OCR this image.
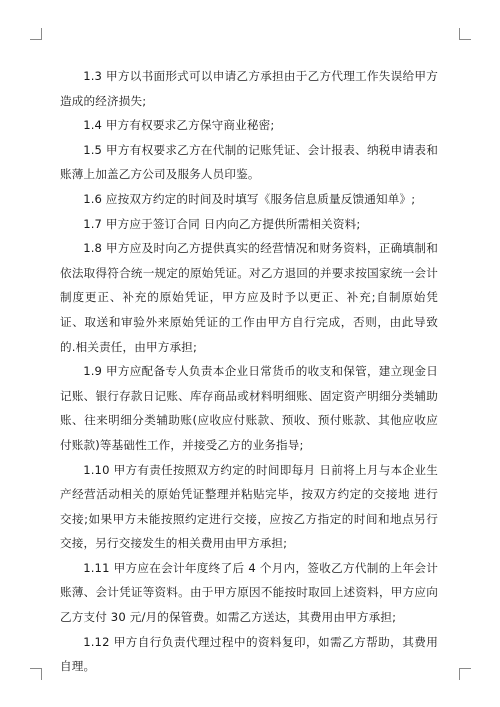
1.3 甲方以书面形式可以申请乙方承担由于乙方代理工作失误给甲方造成的经济损失;

1.4 甲方有权要求乙方保守商业秘密;

1.5 甲方有权要求乙方在代制的记账凭证、会计报表、纳税申请表和账薄上加盖乙方公司及服务人员印鉴。

1.6 应按双方约定的时间及时填写《服务信息质量反馈通知单》;

1.7 甲方应于签订合同 日内向乙方提供所需相关资料;

1.8 甲方应及时向乙方提供真实的经营情况和财务资料，正确填制和依法取得符合统一规定的原始凭证。对乙方退回的并要求按国家统一会计制度更正、补充的原始凭证，甲方应及时予以更正、补充;自制原始凭证、取送和审验外来原始凭证的工作由甲方自行完成，否则，由此导致的.相关责任，由甲方承担;

1.9 甲方应配备专人负责本企业日常货币的收支和保管，建立现金日记账、银行存款日记账、库存商品或材料明细账、固定资产明细分类辅助账、往来明细分类辅助账(应收应付账款、预收、预付账款、其他应收应付账款)等基础性工作，并接受乙方的业务指导;

1.10 甲方有责任按照双方约定的时间即每月 日前将上月与本企业生产经营活动相关的原始凭证整理并粘贴完毕，按双方约定的交接地 进行交接;如果甲方未能按照约定进行交接，应按乙方指定的时间和地点另行交接，另行交接发生的相关费用由甲方承担;

1.11 甲方应在会计年度终了后 4 个月内，签收乙方代制的上年会计账薄、会计凭证等资料。由于甲方原因不能按时取回上述资料，甲方应向乙方支付 30 元/月的保管费。如需乙方送达，其费用由甲方承担;

1.12 甲方自行负责代理过程中的资料复印，如需乙方帮助，其费用自理。
